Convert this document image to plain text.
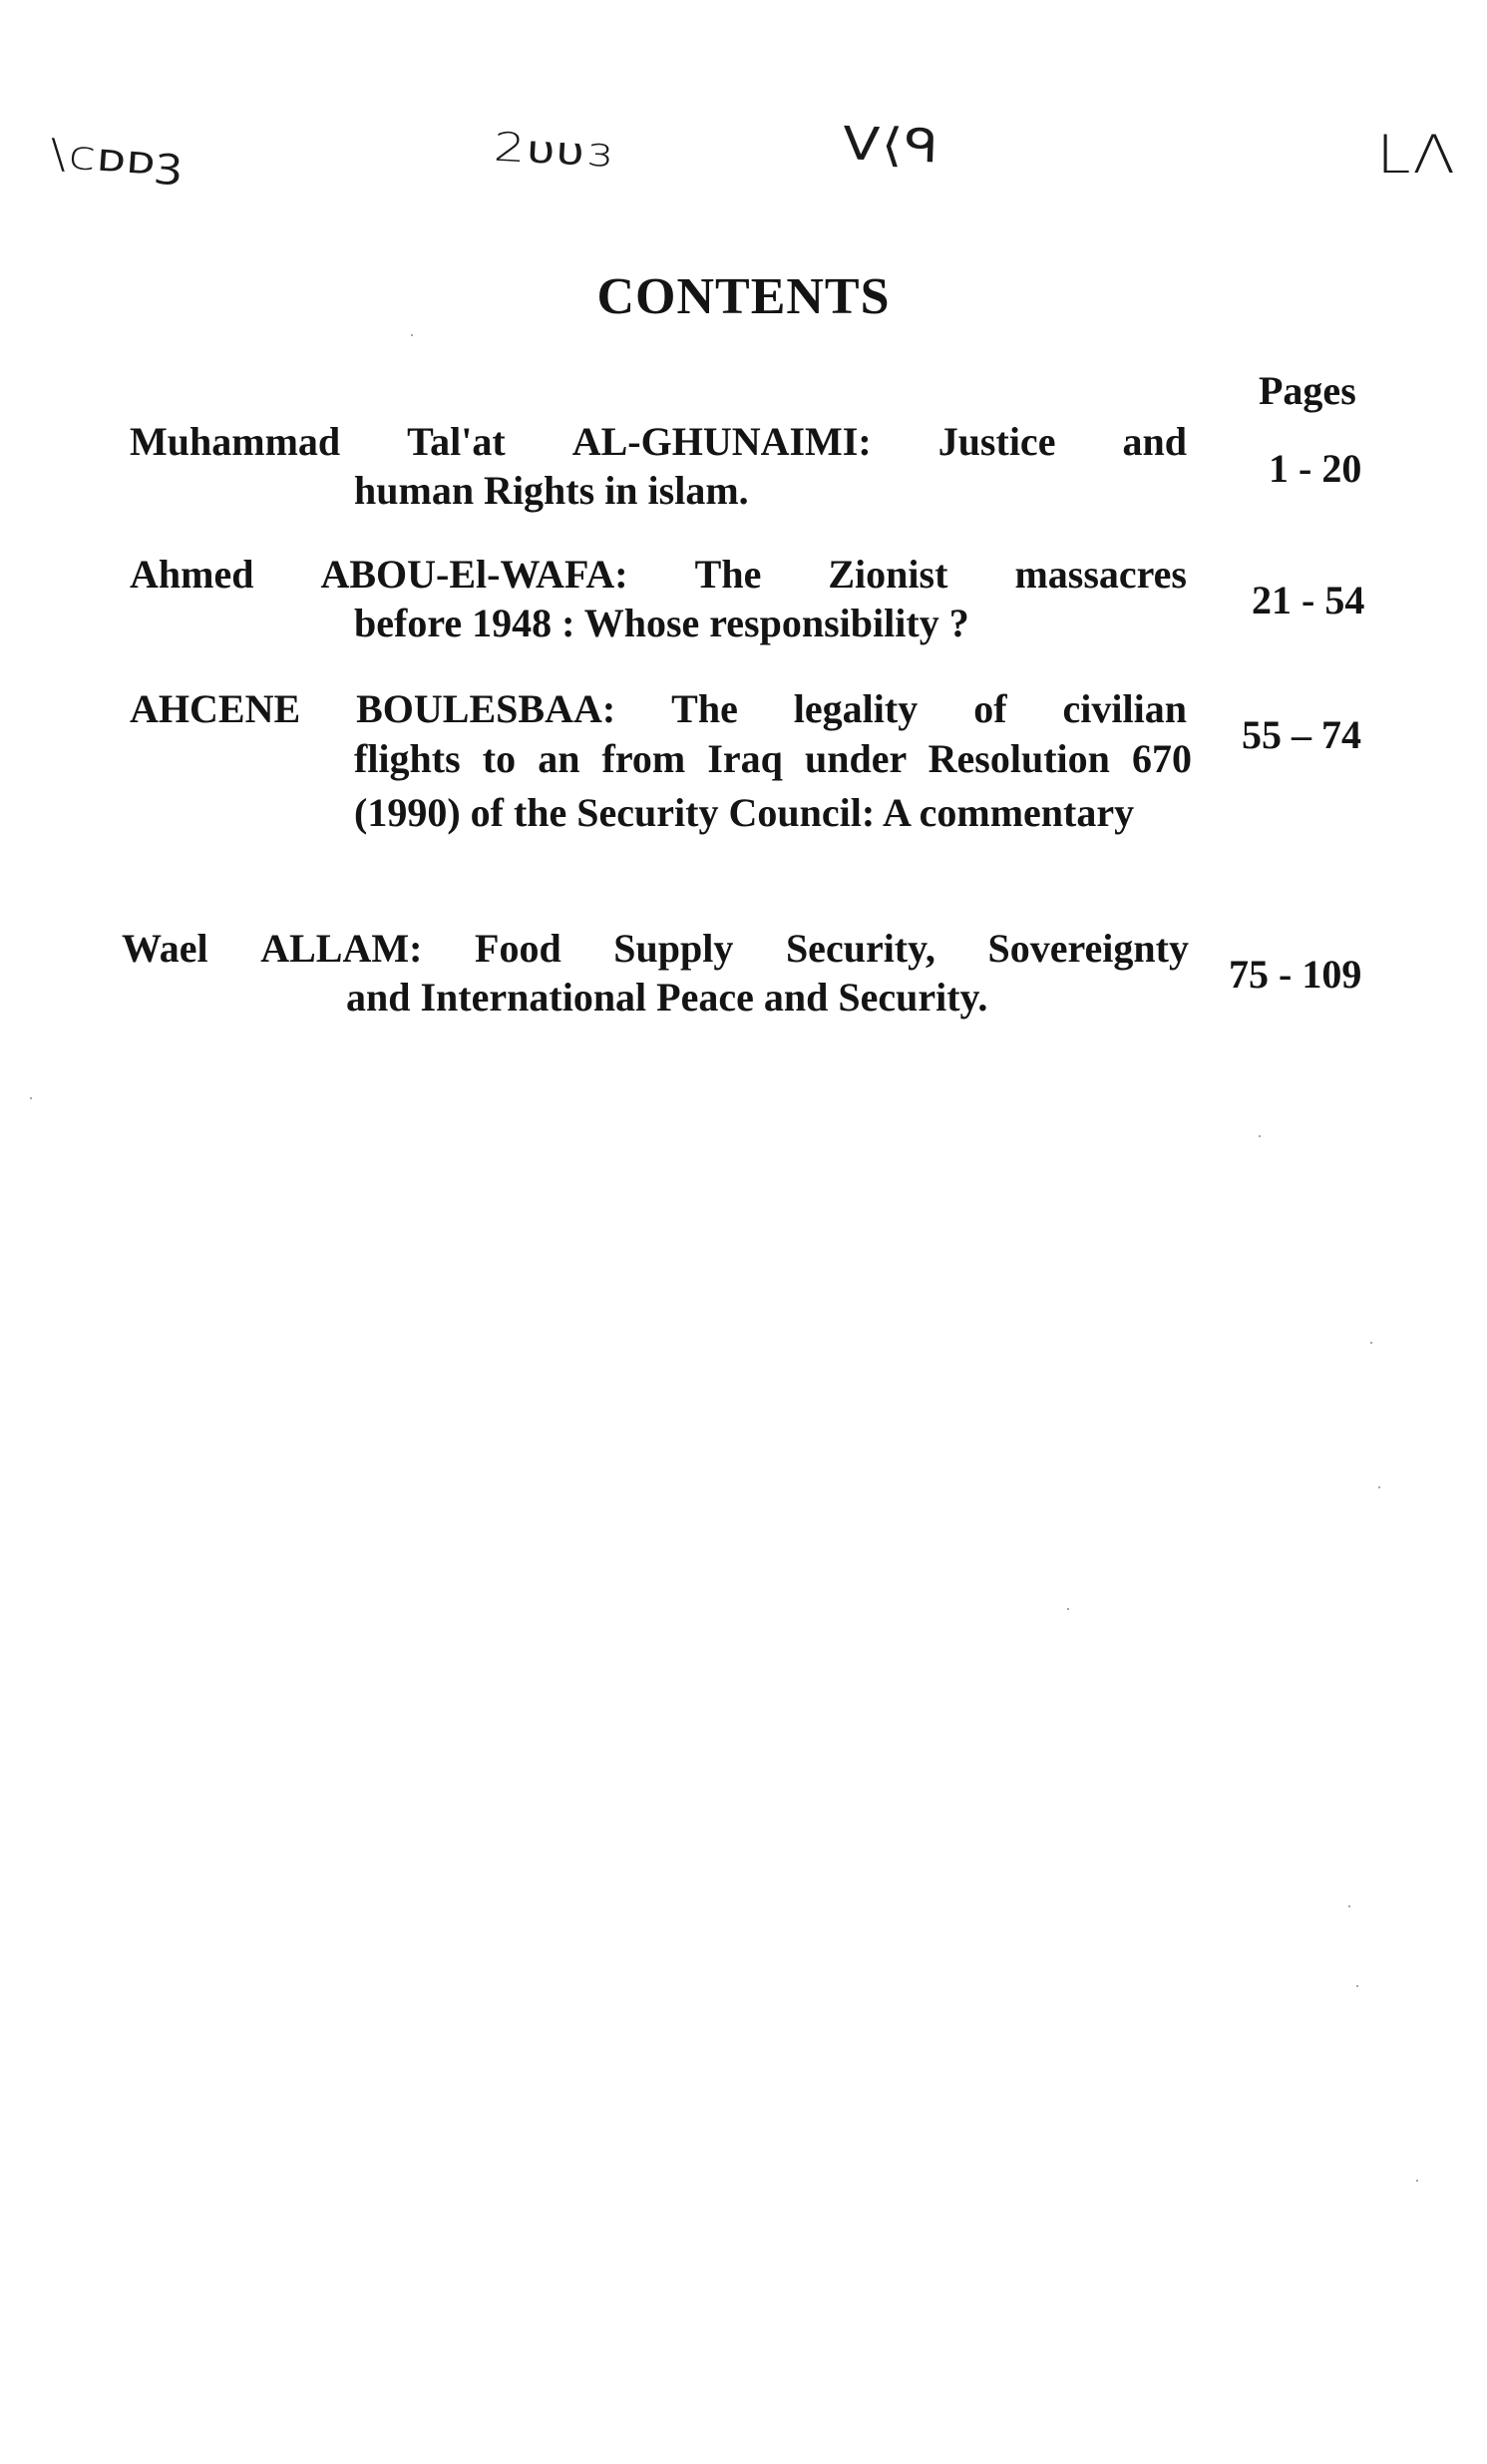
\ᴄᴅᴅꝫ	2ᴜᴜɜ	ᐯ⟨ᑫ	LΛ
CONTENTS
Pages
Muhammad Tal'at AL-GHUNAIMI: Justice and
human Rights in islam.	1 - 20
Ahmed ABOU-El-WAFA: The Zionist massacres
before 1948 : Whose responsibility ?
21 - 54
AHCENE BOULESBAA: The legality of civilian
flights to an from Iraq under Resolution 670 (1990) of the Security Council: A commentary
55 – 74
Wael ALLAM: Food Supply Security, Sovereignty
and International Peace and Security.
75 - 109
